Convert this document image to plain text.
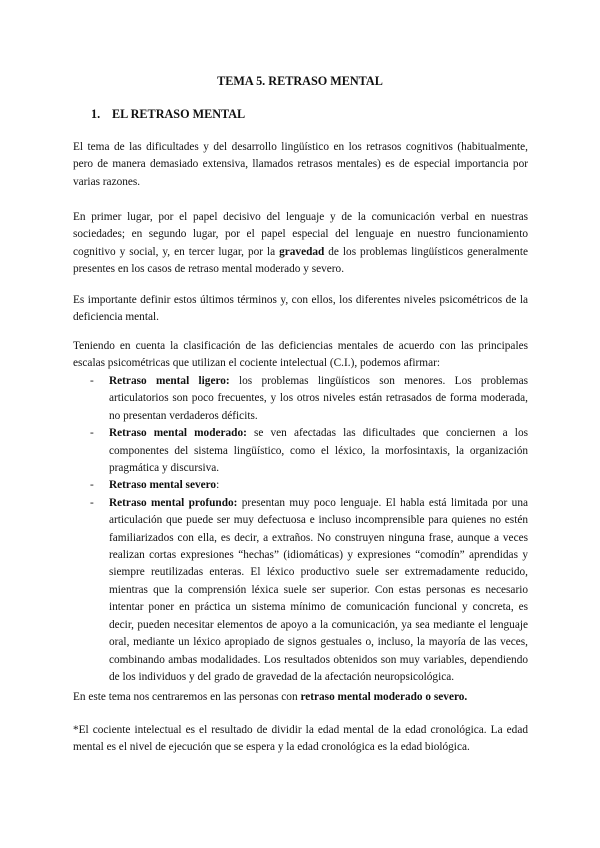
TEMA 5. RETRASO MENTAL
1. EL RETRASO MENTAL

El tema de las dificultades y del desarrollo lingüístico en los retrasos cognitivos (habitualmente, pero de manera demasiado extensiva, llamados retrasos mentales) es de especial importancia por varias razones.

En primer lugar, por el papel decisivo del lenguaje y de la comunicación verbal en nuestras sociedades; en segundo lugar, por el papel especial del lenguaje en nuestro funcionamiento cognitivo y social, y, en tercer lugar, por la gravedad de los problemas lingüísticos generalmente presentes en los casos de retraso mental moderado y severo.

Es importante definir estos últimos términos y, con ellos, los diferentes niveles psicométricos de la deficiencia mental.

Teniendo en cuenta la clasificación de las deficiencias mentales de acuerdo con las principales escalas psicométricas que utilizan el cociente intelectual (C.I.), podemos afirmar:

- Retraso mental ligero: los problemas lingüísticos son menores. Los problemas articulatorios son poco frecuentes, y los otros niveles están retrasados de forma moderada, no presentan verdaderos déficits.
- Retraso mental moderado: se ven afectadas las dificultades que conciernen a los componentes del sistema lingüístico, como el léxico, la morfosintaxis, la organización pragmática y discursiva.
- Retraso mental severo:
- Retraso mental profundo: presentan muy poco lenguaje. El habla está limitada por una articulación que puede ser muy defectuosa e incluso incomprensible para quienes no estén familiarizados con ella, es decir, a extraños. No construyen ninguna frase, aunque a veces realizan cortas expresiones “hechas” (idiomáticas) y expresiones “comodín” aprendidas y siempre reutilizadas enteras. El léxico productivo suele ser extremadamente reducido, mientras que la comprensión léxica suele ser superior. Con estas personas es necesario intentar poner en práctica un sistema mínimo de comunicación funcional y concreta, es decir, pueden necesitar elementos de apoyo a la comunicación, ya sea mediante el lenguaje oral, mediante un léxico apropiado de signos gestuales o, incluso, la mayoría de las veces, combinando ambas modalidades. Los resultados obtenidos son muy variables, dependiendo de los individuos y del grado de gravedad de la afectación neuropsicológica.

En este tema nos centraremos en las personas con retraso mental moderado o severo.

*El cociente intelectual es el resultado de dividir la edad mental de la edad cronológica. La edad mental es el nivel de ejecución que se espera y la edad cronológica es la edad biológica.
